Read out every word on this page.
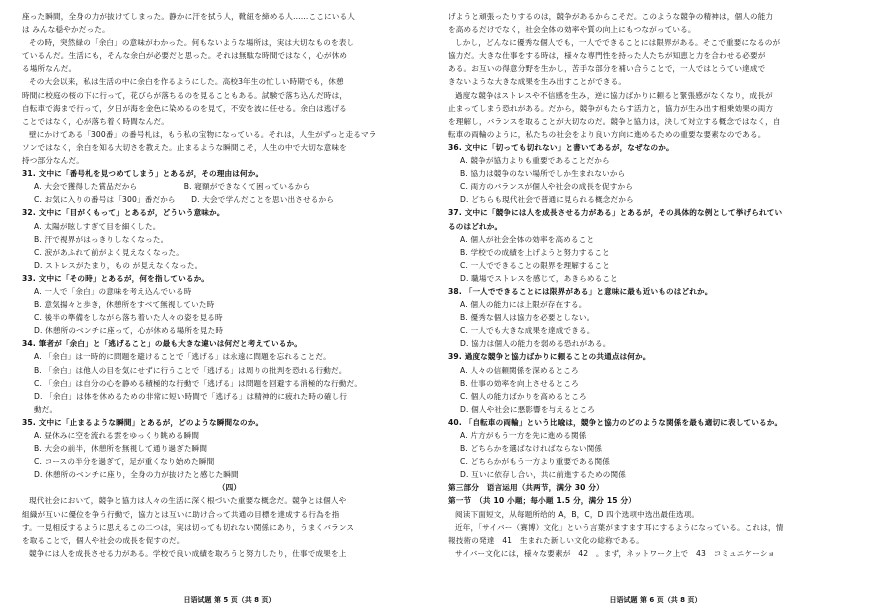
座った瞬間，全身の力が抜けてしまった。静かに汗を拭う人，靴紐を締める人……ここにいる人
は みんな穏やかだった。
その時，突然緑の「余白」の意味がわかった。何もないような場所は，実は大切なものを表し
ているんだ。生活にも，そんな余白が必要だと思った。それは無駄な時間ではなく，心が休め
る場所なんだ。
その大会以来，私は生活の中に余白を作るようにした。高校3年生の忙しい時期でも，休憩
時間に校庭の桜の下に行って，花びらが落ちるのを見ることもある。試験で落ち込んだ時は，
自転車で海まで行って，夕日が海を金色に染めるのを見て，不安を波に任せる。余白は逃げる
ことではなく，心が落ち着く時間なんだ。
壁にかけてある「300番」の番号札は，もう私の宝物になっている。それは，人生がずっと走るマラ
ソンではなく，余白を知る大切さを教えた。止まるような瞬間こそ，人生の中で大切な意味を
持つ部分なんだ。
31. 文中に「番号札を見つめてしまう」とあるが，その理由は何か。
A. 大会で獲得した賞品だから　　　　　　B. 寝額ができなくて困っているから
C. お気に入りの番号は「300」番だから　　D. 大会で学んだことを思い出させるから
32. 文中に「目がくもって」とあるが，どういう意味か。
A. 太陽が眩しすぎて目を細くした。
B. 汗で視界がはっきりしなくなった。
C. 涙があふれて前がよく見えなくなった。
D. ストレスがたまり，もの が見えなくなった。
33. 文中に「その時」とあるが，何を指しているか。
A. 一人で「余白」の意味を考え込んでいる時
B. 意気揚々と歩き，休憩所をすべて無視していた時
C. 後半の準備をしながら落ち着いた人々の姿を見る時
D. 休憩所のベンチに座って，心が休める場所を見た時
34. 筆者が「余白」と「逃げること」の最も大きな違いは何だと考えているか。
A. 「余白」は一時的に問題を避けることで「逃げる」は永遠に問題を忘れることだ。
B. 「余白」は他人の目を気にせずに行うことで「逃げる」は周りの批判を恐れる行動だ。
C. 「余白」は自分の心を静める積極的な行動で「逃げる」は問題を回避する消極的な行動だ。
D. 「余白」は体を休めるための非常に短い時間で「逃げる」は精神的に疲れた時の確し行
動だ。
35. 文中に「止まるような瞬間」とあるが，どのような瞬間なのか。
A. 昼休みに空を流れる雲をゆっくり眺める瞬間
B. 大会の前半，休憩所を無視して通り過ぎた瞬間
C. コースの半分を過ぎて，足が重くなり始めた瞬間
D. 休憩所のベンチに座り，全身の力が抜けたと感じた瞬間
（四）
現代社会において，競争と協力は人々の生活に深く根づいた重要な概念だ。競争とは個人や
組織が互いに優位を争う行動で，協力とは互いに助け合って共通の目標を達成する行為を指
す。一見相反するように思えるこの二つは，実は切っても切れない関係にあり，うまくバランス
を取ることで，個人や社会の成長を促すのだ。
競争には人を成長させる力がある。学校で良い成績を取ろうと努力したり，仕事で成果を上
日语试题 第 5 页（共 8 页）
げようと頑張ったりするのは，競争があるからこそだ。このような競争の精神は，個人の能力
を高めるだけでなく，社会全体の効率や質の向上にもつながっている。
しかし，どんなに優秀な個人でも，一人でできることには限界がある。そこで重要になるのが
協力だ。大きな仕事をする時は，様々な専門性を持った人たちが知恵と力を合わせる必要が
ある。お互いの得意分野を生かし，苦手な部分を補い合うことで，一人ではとうてい達成で
きないような大きな成果を生み出すことができる。
過度な競争はストレスや不信感を生み，逆に協力ばかりに頼ると緊張感がなくなり，成長が
止まってしまう恐れがある。だから，競争がもたらす活力と，協力が生み出す相乗効果の両方
を理解し，バランスを取ることが大切なのだ。競争と協力は，決して対立する概念ではなく，自
転車の両輪のように，私たちの社会をより良い方向に進めるための重要な要素なのである。
36. 文中に「切っても切れない」と書いてあるが，なぜなのか。
A. 競争が協力よりも重要であることだから
B. 協力は競争のない場所でしか生まれないから
C. 両方のバランスが個人や社会の成長を促すから
D. どちらも現代社会で普通に見られる概念だから
37. 文中に「競争には人を成長させる力がある」とあるが，その具体的な例として挙げられてい
るのはどれか。
A. 個人が社会全体の効率を高めること
B. 学校での成績を上げようと努力すること
C. 一人でできることの限界を理解すること
D. 職場でストレスを感じて，あきらめること
38. 「一人でできることには限界がある」と意味に最も近いものはどれか。
A. 個人の能力には上限が存在する。
B. 優秀な個人は協力を必要としない。
C. 一人でも大きな成果を達成できる。
D. 協力は個人の能力を弱める恐れがある。
39. 過度な競争と協力ばかりに頼ることの共通点は何か。
A. 人々の信頼関係を深めるところ
B. 仕事の効率を向上させるところ
C. 個人の能力ばかりを高めるところ
D. 個人や社会に悪影響を与えるところ
40. 「自転車の両輪」という比喩は，競争と協力のどのような関係を最も適切に表しているか。
A. 片方がもう一方を先に進める関係
B. どちらかを選ばなければならない関係
C. どちらかがもう一方より重要である関係
D. 互いに依存し合い，共に前進するための関係
第三部分　语言运用（共两节，满分 30 分）
第一节　（共 10 小题；每小题 1.5 分，满分 15 分）
阅读下面短文，从每题所给的 A，B，C，D 四个选项中选出最佳选项。
近年，「サイバー（赛博）文化」という言葉がますます耳にするようになっている。これは，情
報技術の発達　41　生まれた新しい文化の総称である。
サイバー文化には，様々な要素が　42　。まず，ネットワーク上で　43　コミュニケーショ
日语试题 第 6 页（共 8 页）
